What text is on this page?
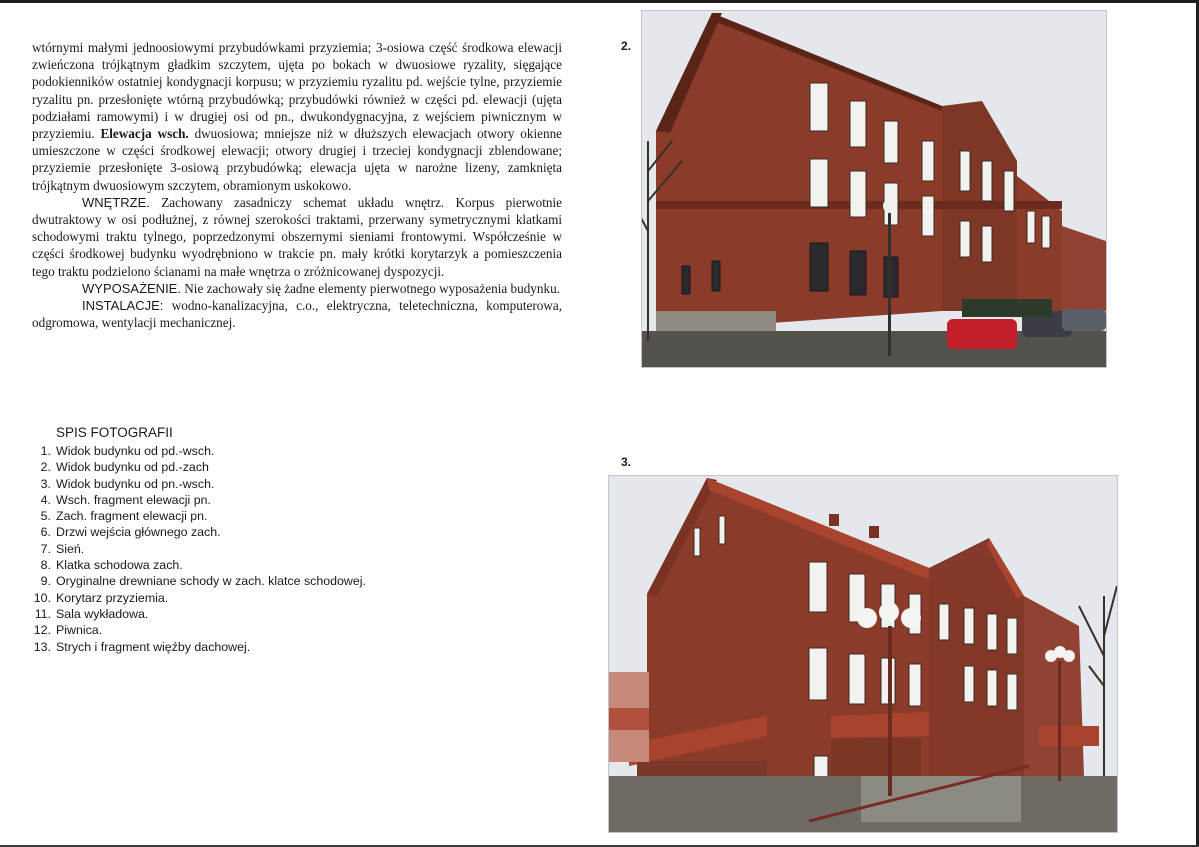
wtórnymi małymi jednoosiowymi przybudówkami przyziemia; 3-osiowa część środkowa elewacji zwieńczona trójkątnym gładkim szczytem, ujęta po bokach w dwuosiowe ryzality, sięgające podokienników ostatniej kondygnacji korpusu; w przyziemiu ryzalitu pd. wejście tylne, przyziemie ryzalitu pn. przesłonięte wtórną przybudówką; przybudówki również w części pd. elewacji (ujęta podziałami ramowymi) i w drugiej osi od pn., dwukondygnacyjna, z wejściem piwnicznym w przyziemiu. Elewacja wsch. dwuosiowa; mniejsze niż w dłuższych elewacjach otwory okienne umieszczone w części środkowej elewacji; otwory drugiej i trzeciej kondygnacji zblendowane; przyziemie przesłonięte 3-osiową przybudówką; elewacja ujęta w narożne lizeny, zamknięta trójkątnym dwuosiowym szczytem, obramionym uskokowo.

WNĘTRZE. Zachowany zasadniczy schemat układu wnętrz. Korpus pierwotnie dwutraktowy w osi podłużnej, z równej szerokości traktami, przerwany symetrycznymi klatkami schodowymi traktu tylnego, poprzedzonymi obszernymi sieniami frontowymi. Współcześnie w części środkowej budynku wyodrębniono w trakcie pn. mały krótki korytarzyk a pomieszczenia tego traktu podzielono ścianami na małe wnętrza o zróżnicowanej dyspozycji.

WYPOSAŻENIE. Nie zachowały się żadne elementy pierwotnego wyposażenia budynku.

INSTALACJE: wodno-kanalizacyjna, c.o., elektryczna, teletechniczna, komputerowa, odgromowa, wentylacji mechanicznej.

SPIS FOTOGRAFII
1. Widok budynku od pd.-wsch.
2. Widok budynku od pd.-zach
3. Widok budynku od pn.-wsch.
4. Wsch. fragment elewacji pn.
5. Zach. fragment elewacji pn.
6. Drzwi wejścia głównego zach.
7. Sień.
8. Klatka schodowa zach.
9. Oryginalne drewniane schody w zach. klatce schodowej.
10. Korytarz przyziemia.
11. Sala wykładowa.
12. Piwnica.
13. Strych i fragment więźby dachowej.
2.
3.
